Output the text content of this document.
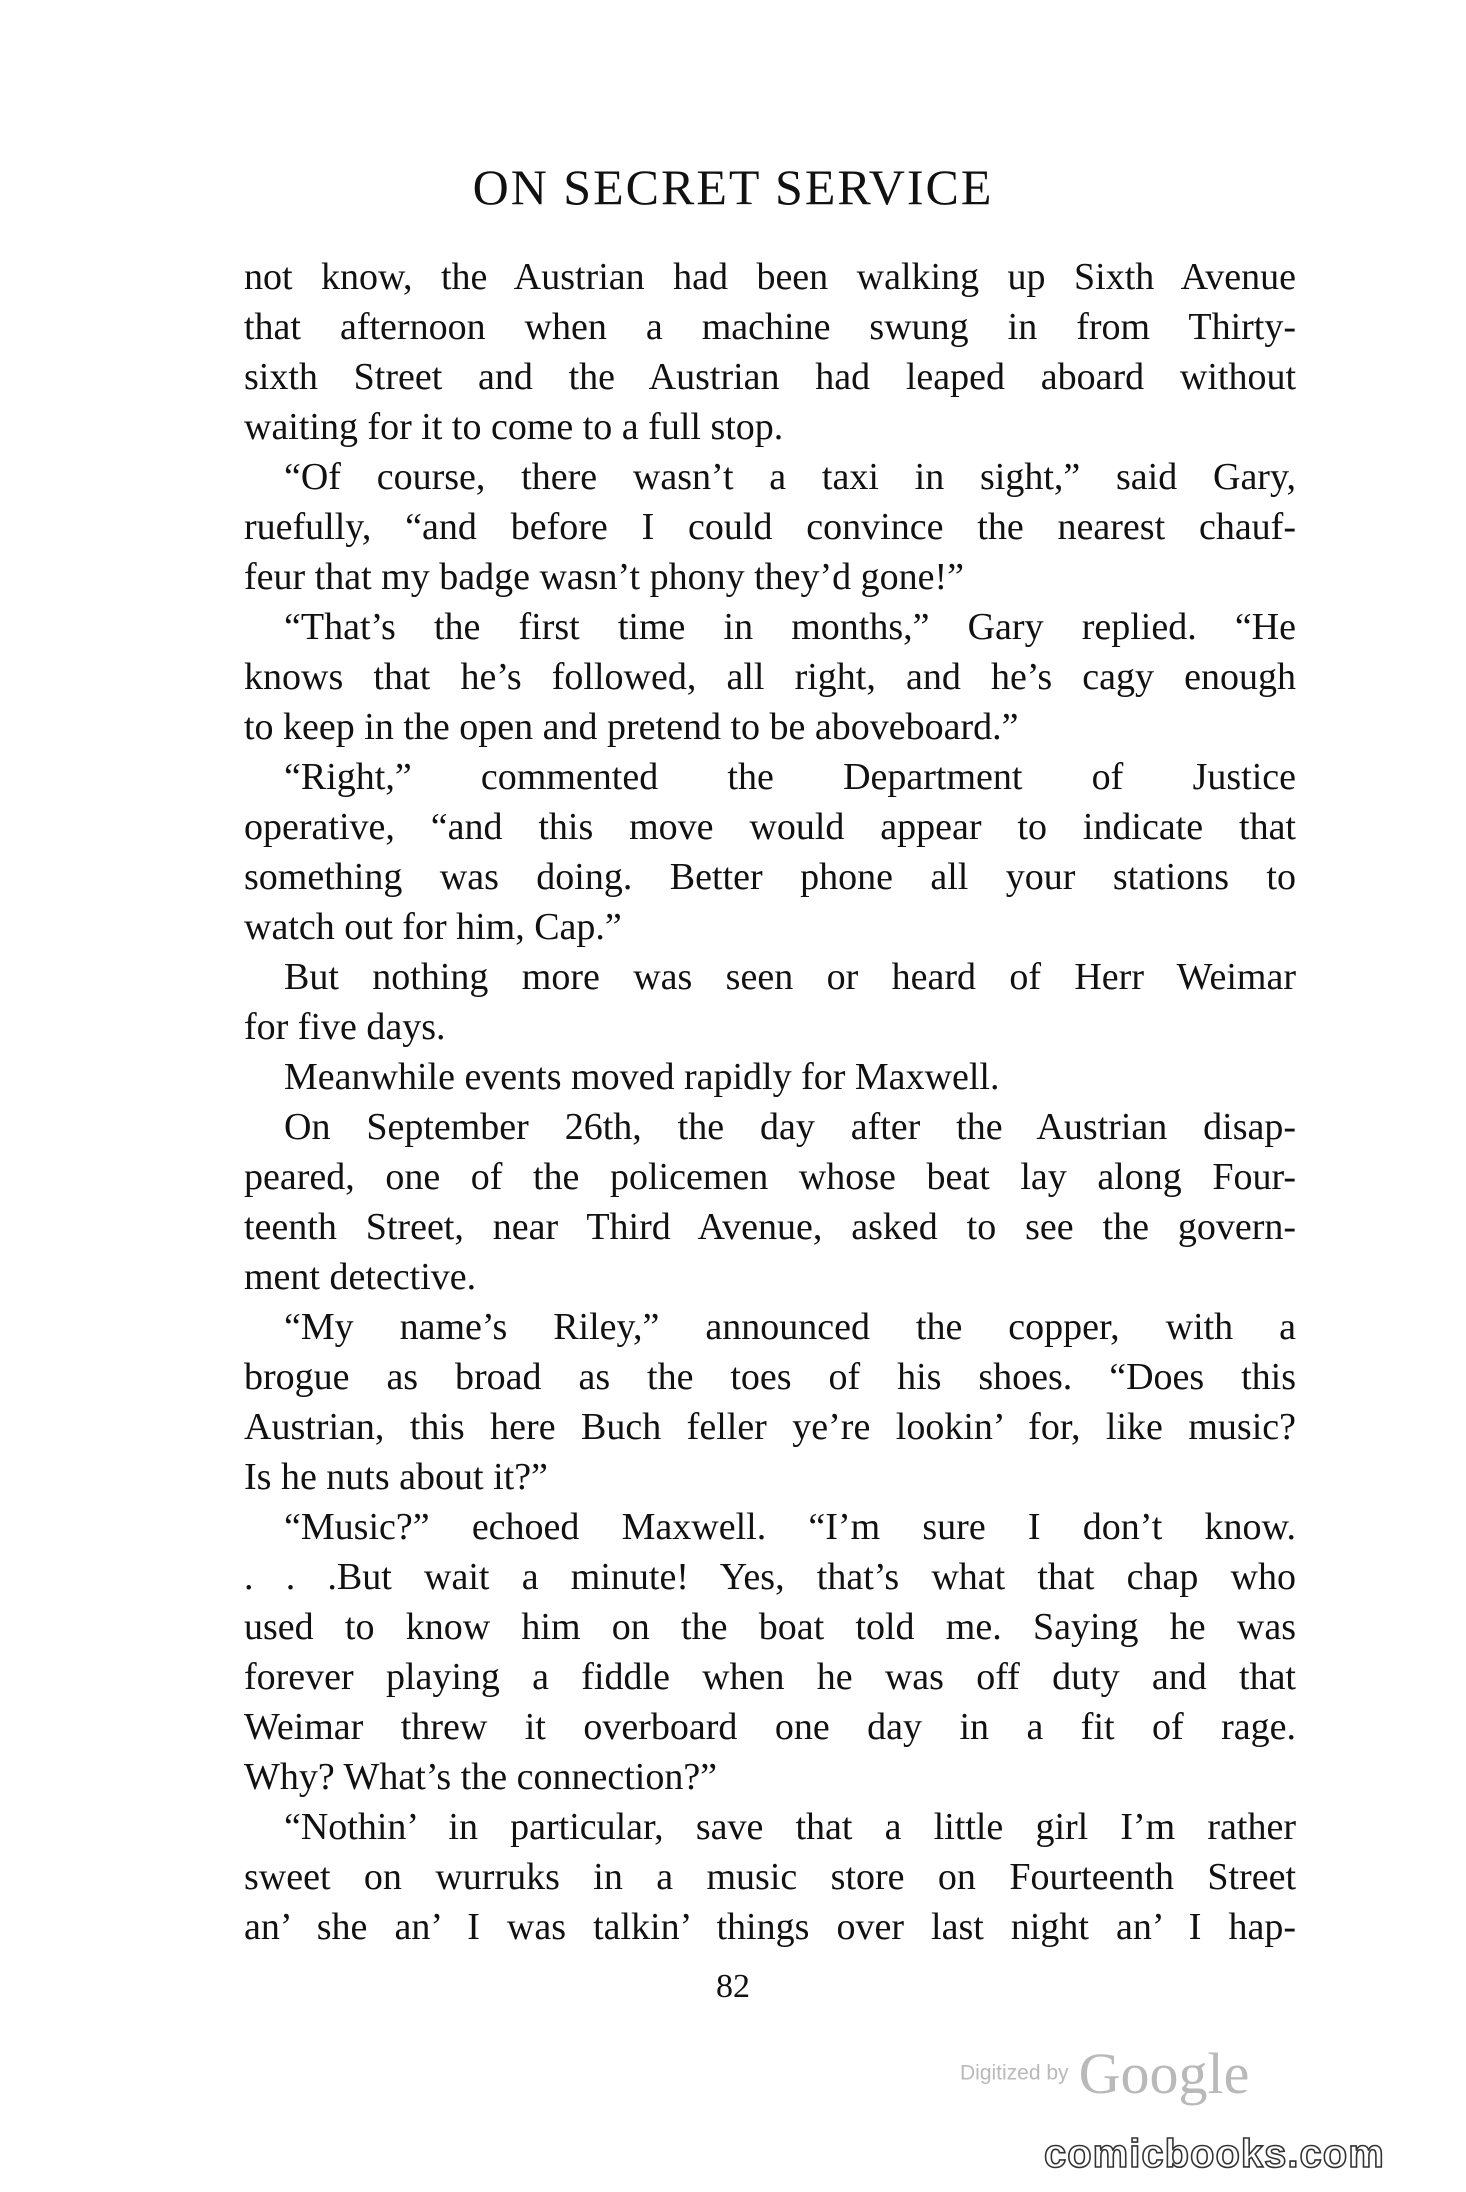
ON SECRET SERVICE
not know, the Austrian had been walking up Sixth Avenue
that afternoon when a machine swung in from Thirty-
sixth Street and the Austrian had leaped aboard without
waiting for it to come to a full stop.
“Of course, there wasn’t a taxi in sight,” said Gary,
ruefully, “and before I could convince the nearest chauf-
feur that my badge wasn’t phony they’d gone!”
“That’s the first time in months,” Gary replied. “He
knows that he’s followed, all right, and he’s cagy enough
to keep in the open and pretend to be aboveboard.”
“Right,” commented the Department of Justice
operative, “and this move would appear to indicate that
something was doing. Better phone all your stations to
watch out for him, Cap.”
But nothing more was seen or heard of Herr Weimar
for five days.
Meanwhile events moved rapidly for Maxwell.
On September 26th, the day after the Austrian disap-
peared, one of the policemen whose beat lay along Four-
teenth Street, near Third Avenue, asked to see the govern-
ment detective.
“My name’s Riley,” announced the copper, with a
brogue as broad as the toes of his shoes. “Does this
Austrian, this here Buch feller ye’re lookin’ for, like music?
Is he nuts about it?”
“Music?” echoed Maxwell. “I’m sure I don’t know.
. . .But wait a minute! Yes, that’s what that chap who
used to know him on the boat told me. Saying he was
forever playing a fiddle when he was off duty and that
Weimar threw it overboard one day in a fit of rage.
Why? What’s the connection?”
“Nothin’ in particular, save that a little girl I’m rather
sweet on wurruks in a music store on Fourteenth Street
an’ she an’ I was talkin’ things over last night an’ I hap-
82
Digitized by Google
comicbooks.com
